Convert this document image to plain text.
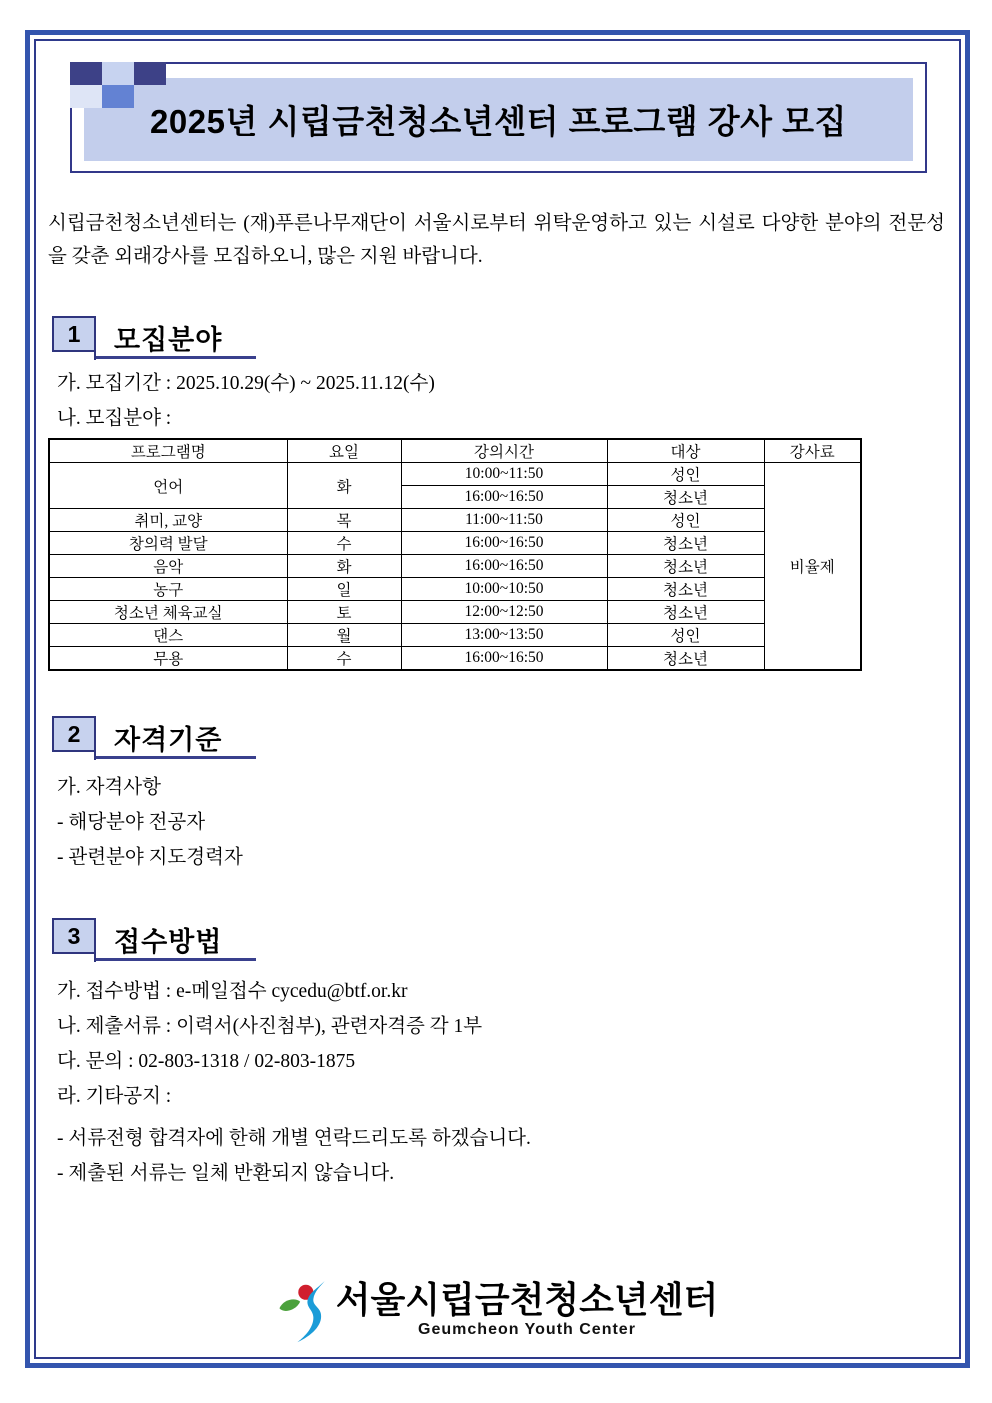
2025년 시립금천청소년센터 프로그램 강사 모집

시립금천청소년센터는 (재)푸른나무재단이 서울시로부터 위탁운영하고 있는 시설로 다양한 분야의 전문성을 갖춘 외래강사를 모집하오니, 많은 지원 바랍니다.

1	모집분야

가. 모집기간 : 2025.10.29(수) ~ 2025.11.12(수)

나. 모집분야 :

프로그램명	요일	강의시간	대상	강사료
언어	화	10:00~11:50	성인	비율제
		16:00~16:50	청소년	
취미, 교양	목	11:00~11:50	성인	
창의력 발달	수	16:00~16:50	청소년	
음악	화	16:00~16:50	청소년	
농구	일	10:00~10:50	청소년	
청소년 체육교실	토	12:00~12:50	청소년	
댄스	월	13:00~13:50	성인	
무용	수	16:00~16:50	청소년	
2	자격기준

가. 자격사항

- 해당분야 전공자

- 관련분야 지도경력자

3	접수방법

가. 접수방법 : e-메일접수 cycedu@btf.or.kr

나. 제출서류 : 이력서(사진첨부), 관련자격증 각 1부

다. 문의 : 02-803-1318 / 02-803-1875

라. 기타공지 :

- 서류전형 합격자에 한해 개별 연락드리도록 하겠습니다.

- 제출된 서류는 일체 반환되지 않습니다.

서울시립금천청소년센터
Geumcheon Youth Center
